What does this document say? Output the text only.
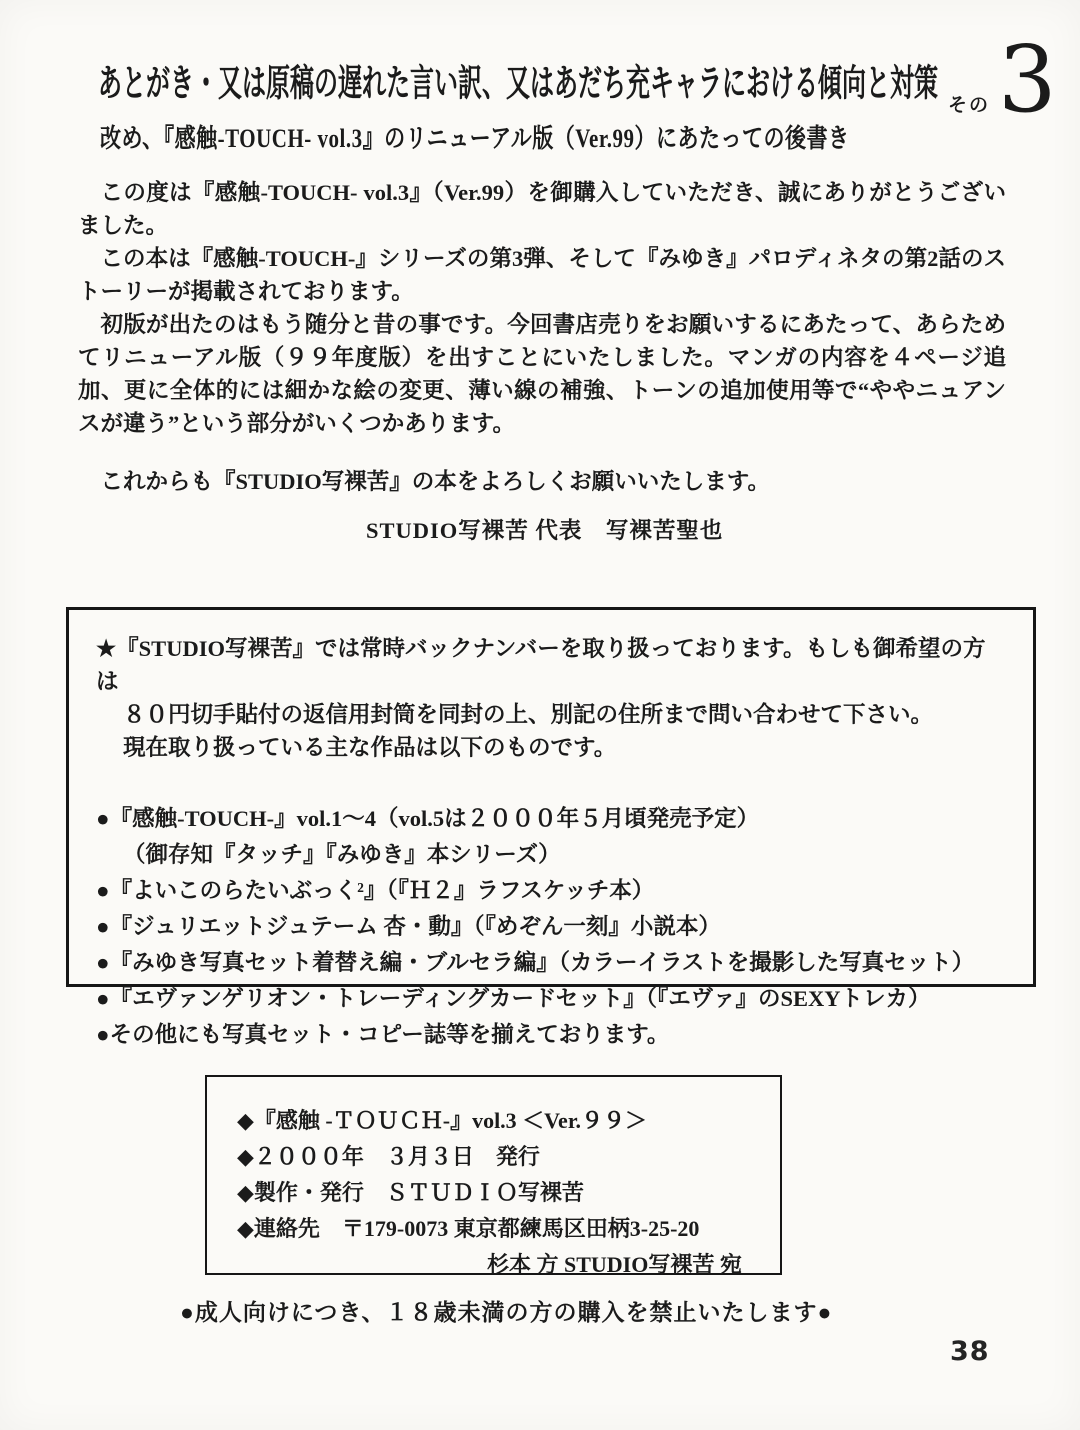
あとがき・又は原稿の遅れた言い訳、又はあだち充キャラにおける傾向と対策
その 3
改め、『感触-TOUCH- vol.3』のリニューアル版（Ver.99）にあたっての後書き

この度は『感触-TOUCH- vol.3』（Ver.99）を御購入していただき、誠にありがとうございました。

この本は『感触-TOUCH-』シリーズの第3弾、そして『みゆき』パロディネタの第2話のストーリーが掲載されております。

初版が出たのはもう随分と昔の事です。今回書店売りをお願いするにあたって、あらためてリニューアル版（９９年度版）を出すことにいたしました。マンガの内容を４ページ追加、更に全体的には細かな絵の変更、薄い線の補強、トーンの追加使用等で“ややニュアンスが違う”という部分がいくつかあります。

これからも『STUDIO写裸苦』の本をよろしくお願いいたします。

STUDIO写裸苦 代表　写裸苦聖也

★『STUDIO写裸苦』では常時バックナンバーを取り扱っております。もしも御希望の方は
８０円切手貼付の返信用封筒を同封の上、別記の住所まで問い合わせて下さい。
現在取り扱っている主な作品は以下のものです。
●『感触-TOUCH-』vol.1～4（vol.5は２０００年５月頃発売予定）
（御存知『タッチ』『みゆき』本シリーズ）
●『よいこのらたいぶっく²』（『Ｈ２』ラフスケッチ本）
●『ジュリエットジュテーム 杏・動』（『めぞん一刻』小説本）
●『みゆき写真セット着替え編・ブルセラ編』（カラーイラストを撮影した写真セット）
●『エヴァンゲリオン・トレーディングカードセット』（『エヴァ』のSEXYトレカ）
●その他にも写真セット・コピー誌等を揃えております。
◆『感触 -ＴＯＵＣＨ-』vol.3 ＜Ver.９９＞
◆２０００年　３月３日　発行
◆製作・発行　ＳＴＵＤＩＯ写裸苦
◆連絡先　〒179-0073 東京都練馬区田柄3-25-20
杉本 方 STUDIO写裸苦 宛
●成人向けにつき、１８歳未満の方の購入を禁止いたします●
38
